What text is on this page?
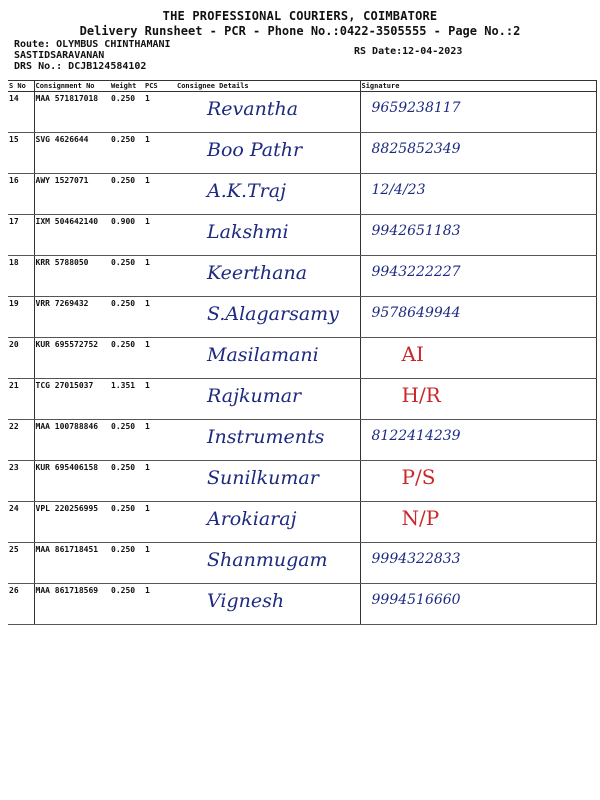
THE PROFESSIONAL COURIERS, COIMBATORE
Delivery Runsheet - PCR - Phone No.:0422-3505555 - Page No.:2
Route: OLYMBUS CHINTHAMANI
SASTIDSARAVANAN
DRS No.: DCJB124584102
RS Date:12-04-2023
S No	Consignment No	Weight	PCS	Consignee Details	Signature
14	MAA 571817018	0.250	1	Revantha	9659238117

15	SVG 4626644	0.250	1	Boo Pathr	8825852349

16	AWY 1527071	0.250	1	A.K.Traj	12/4/23

17	IXM 504642140	0.900	1	Lakshmi	9942651183

18	KRR 5788050	0.250	1	Keerthana	9943222227

19	VRR 7269432	0.250	1	S.Alagarsamy	9578649944

20	KUR 695572752	0.250	1	Masilamani	AI

21	TCG 27015037	1.351	1	Rajkumar	H/R

22	MAA 100788846	0.250	1	Instruments	8122414239

23	KUR 695406158	0.250	1	Sunilkumar	P/S

24	VPL 220256995	0.250	1	Arokiaraj	N/P

25	MAA 861718451	0.250	1	Shanmugam	9994322833

26	MAA 861718569	0.250	1	Vignesh	9994516660
